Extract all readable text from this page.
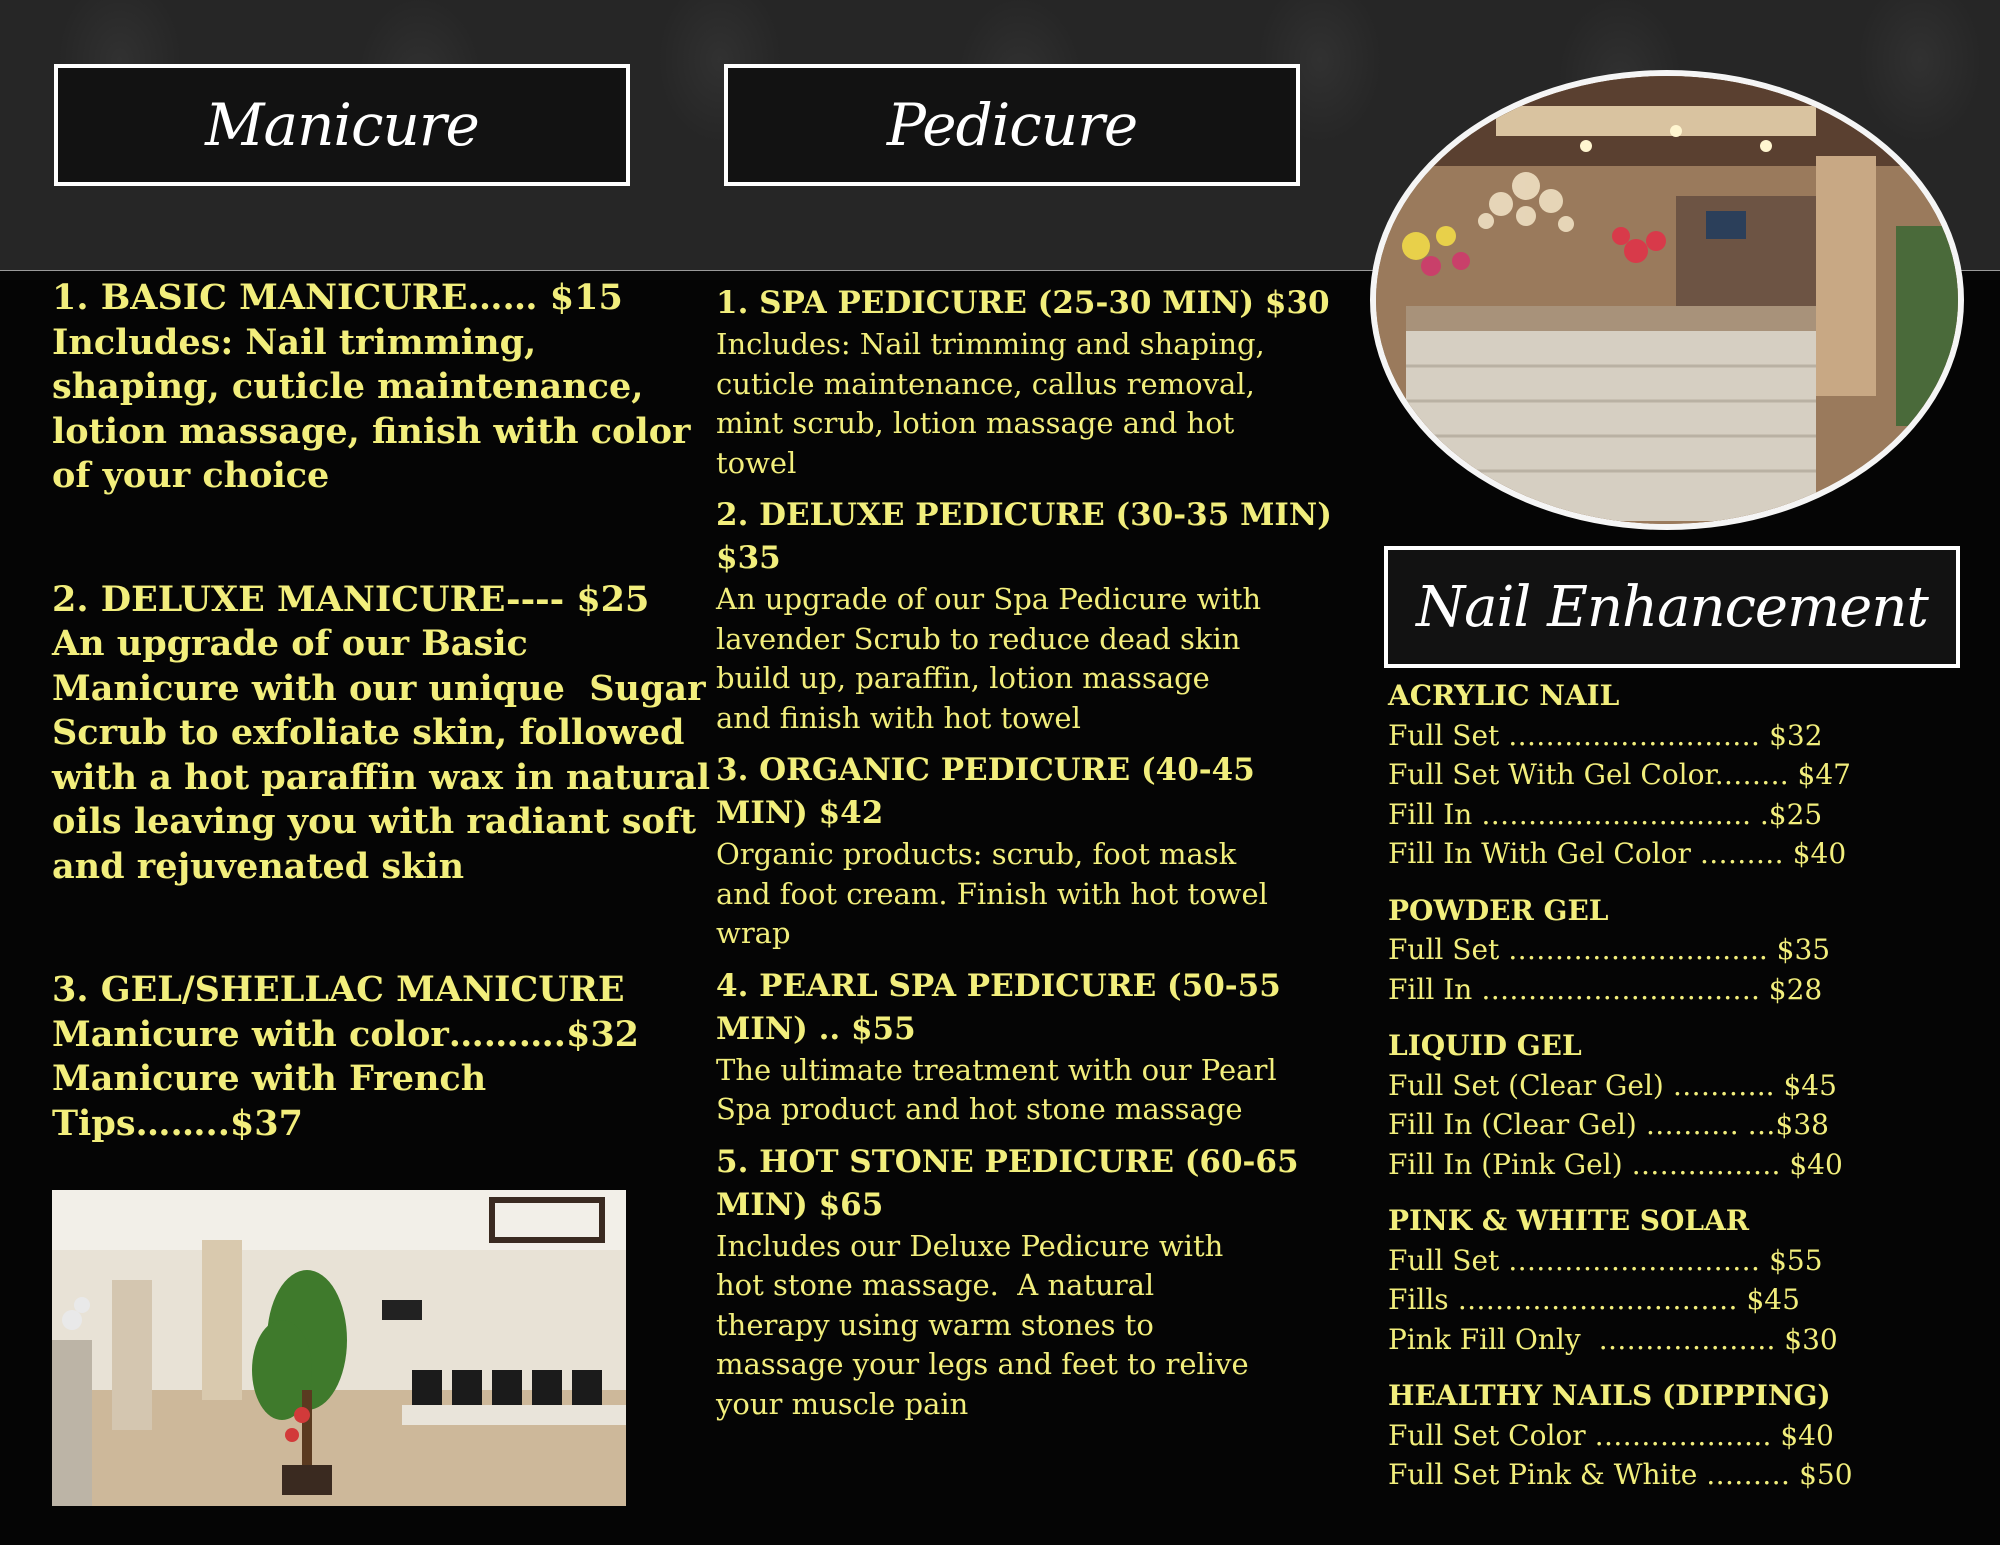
Manicure	Pedicure
Nail Enhancement
1. BASIC MANICURE…… $15
Includes: Nail trimming,
shaping, cuticle maintenance,
lotion massage, finish with color
of your choice
2. DELUXE MANICURE---- $25
An upgrade of our Basic
Manicure with our unique  Sugar
Scrub to exfoliate skin, followed
with a hot paraffin wax in natural
oils leaving you with radiant soft
and rejuvenated skin
3. GEL/SHELLAC MANICURE
Manicure with color……….$32
Manicure with French
Tips……..$37
1. SPA PEDICURE (25-30 MIN) $30
Includes: Nail trimming and shaping,
cuticle maintenance, callus removal,
mint scrub, lotion massage and hot
towel
2. DELUXE PEDICURE (30-35 MIN)
$35
An upgrade of our Spa Pedicure with
lavender Scrub to reduce dead skin
build up, paraffin, lotion massage
and finish with hot towel
3. ORGANIC PEDICURE (40-45
MIN) $42
Organic products: scrub, foot mask
and foot cream. Finish with hot towel
wrap
4. PEARL SPA PEDICURE (50-55
MIN) .. $55
The ultimate treatment with our Pearl
Spa product and hot stone massage
5. HOT STONE PEDICURE (60-65
MIN) $65
Includes our Deluxe Pedicure with
hot stone massage.  A natural
therapy using warm stones to
massage your legs and feet to relive
your muscle pain
ACRYLIC NAIL
Full Set ……………………… $32
Full Set With Gel Color.……. $47
Fill In ……………………….. .$25
Fill In With Gel Color ……… $40
POWDER GEL
Full Set …………………..….. $35
Fill In ……………………..…. $28
LIQUID GEL
Full Set (Clear Gel) ……….. $45
Fill In (Clear Gel) ………. …$38
Fill In (Pink Gel) ……………. $40
PINK & WHITE SOLAR
Full Set ……………………… $55
Fills ………………………… $45
Pink Fill Only  ………………. $30
HEALTHY NAILS (DIPPING)
Full Set Color ………………. $40
Full Set Pink & White ……… $50
